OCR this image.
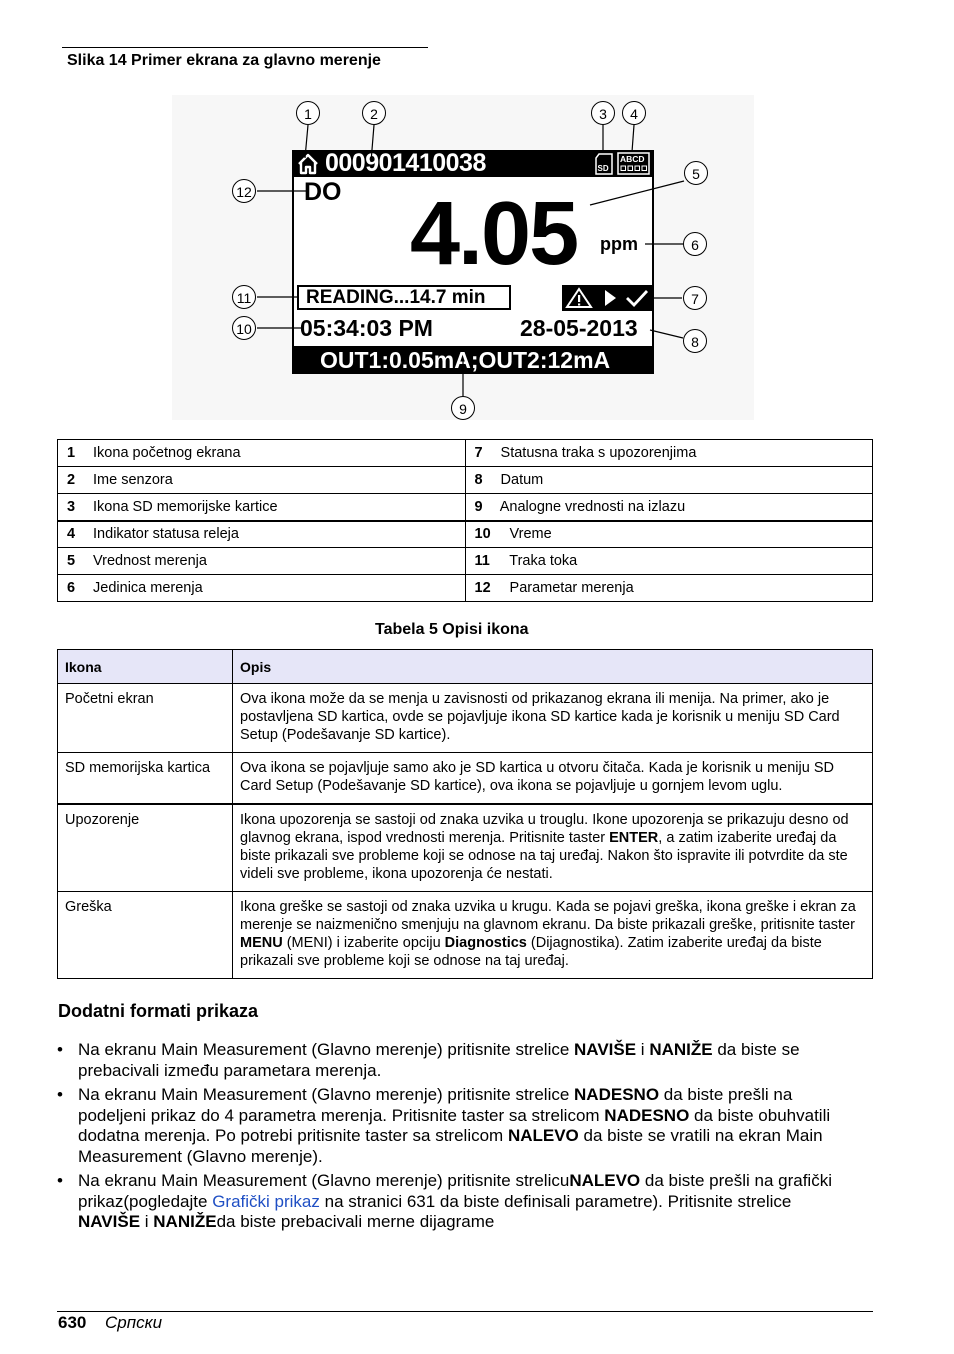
Slika 14 Primer ekrana za glavno merenje
000901410038	SD
ABCD
DO 4.05 ppm
READING...14.7 min
05:34:03 PM	28-05-2013
OUT1:0.05mA;OUT2:12mA
1	2	3	4
5
6
7
8
9
10
11
12
1 Ikona početnog ekrana	7 Statusna traka s upozorenjima
2 Ime senzora	8 Datum
3 Ikona SD memorijske kartice	9 Analogne vrednosti na izlazu
4 Indikator statusa releja	10 Vreme
5 Vrednost merenja	11 Traka toka
6 Jedinica merenja	12 Parametar merenja
Tabela 5 Opisi ikona
Ikona	Opis
Početni ekran	Ova ikona može da se menja u zavisnosti od prikazanog ekrana ili menija. Na primer, ako je postavljena SD kartica, ovde se pojavljuje ikona SD kartice kada je korisnik u meniju SD Card Setup (Podešavanje SD kartice).
SD memorijska kartica	Ova ikona se pojavljuje samo ako je SD kartica u otvoru čitača. Kada je korisnik u meniju SD Card Setup (Podešavanje SD kartice), ova ikona se pojavljuje u gornjem levom uglu.
Upozorenje	Ikona upozorenja se sastoji od znaka uzvika u trouglu. Ikone upozorenja se prikazuju desno od glavnog ekrana, ispod vrednosti merenja. Pritisnite taster ENTER, a zatim izaberite uređaj da biste prikazali sve probleme koji se odnose na taj uređaj. Nakon što ispravite ili potvrdite da ste videli sve probleme, ikona upozorenja će nestati.
Greška	Ikona greške se sastoji od znaka uzvika u krugu. Kada se pojavi greška, ikona greške i ekran za merenje se naizmenično smenjuju na glavnom ekranu. Da biste prikazali greške, pritisnite taster MENU (MENI) i izaberite opciju Diagnostics (Dijagnostika). Zatim izaberite uređaj da biste prikazali sve probleme koji se odnose na taj uređaj.
Dodatni formati prikaza
• Na ekranu Main Measurement (Glavno merenje) pritisnite strelice NAVIŠE i NANIŽE da biste se prebacivali između parametara merenja.
• Na ekranu Main Measurement (Glavno merenje) pritisnite strelice NADESNO da biste prešli na podeljeni prikaz do 4 parametra merenja. Pritisnite taster sa strelicom NADESNO da biste obuhvatili dodatna merenja. Po potrebi pritisnite taster sa strelicom NALEVO da biste se vratili na ekran Main Measurement (Glavno merenje).
• Na ekranu Main Measurement (Glavno merenje) pritisnite strelicuNALEVO da biste prešli na grafički prikaz(pogledajte Grafički prikaz na stranici 631 da biste definisali parametre). Pritisnite strelice NAVIŠE i NANIŽEda biste prebacivali merne dijagrame
630 Српски
